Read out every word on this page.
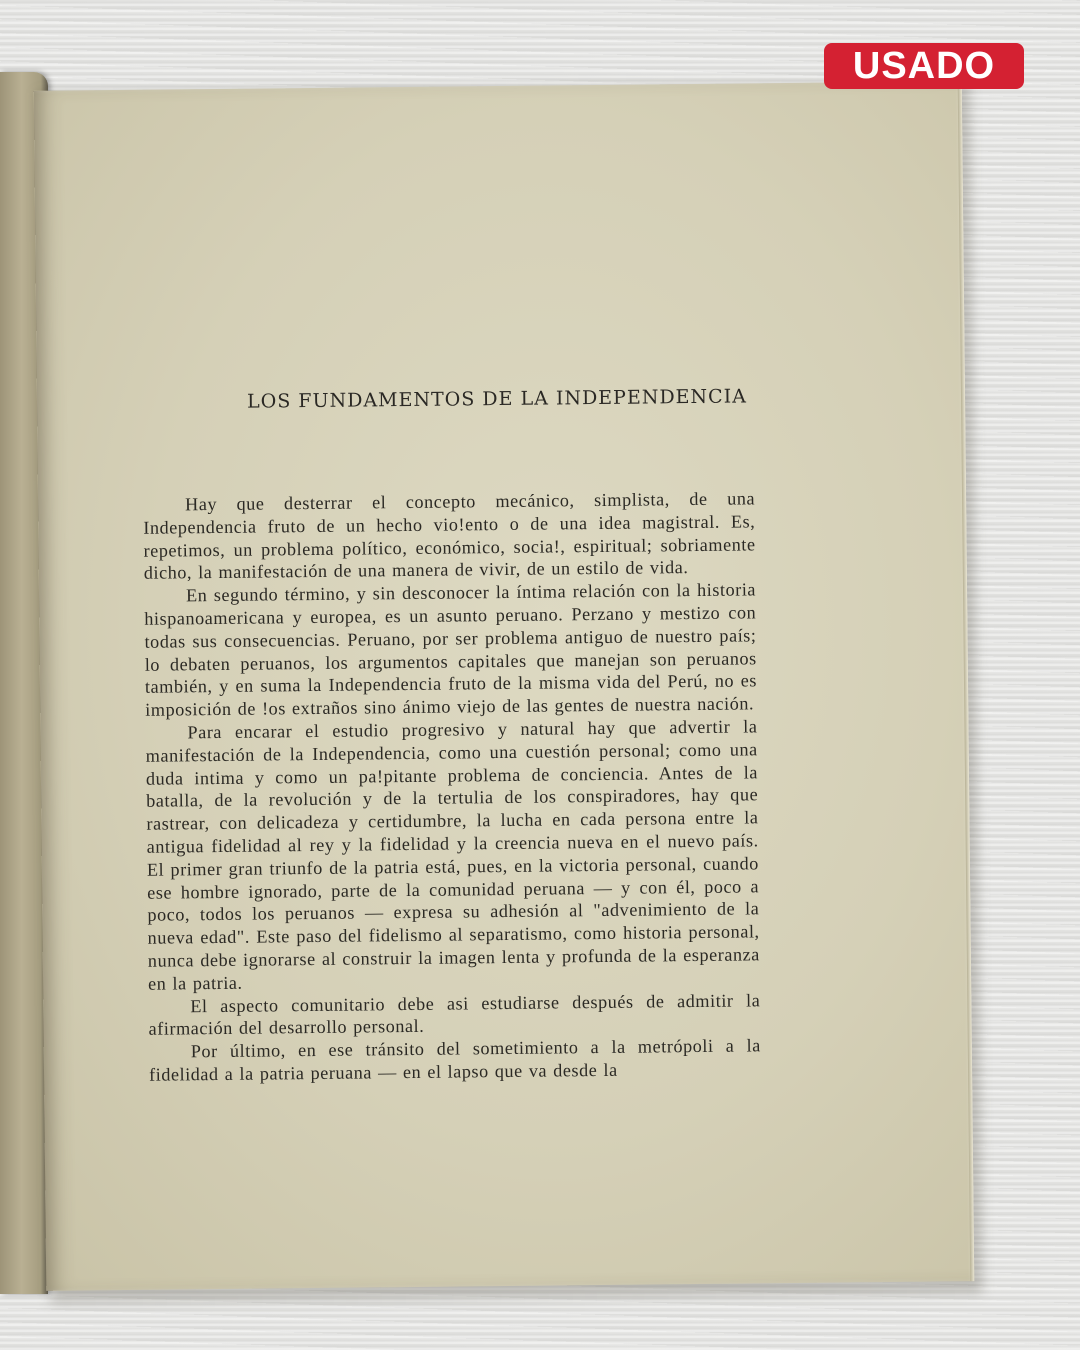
LOS FUNDAMENTOS DE LA INDEPENDENCIA

Hay que desterrar el concepto mecánico, simplista, de una Independencia fruto de un hecho vio!ento o de una idea magistral. Es, repetimos, un problema político, económico, socia!, espiritual; sobriamente dicho, la manifestación de una manera de vivir, de un estilo de vida.

En segundo término, y sin desconocer la íntima relación con la historia hispanoamericana y europea, es un asunto peruano. Perzano y mestizo con todas sus consecuencias. Peruano, por ser problema antiguo de nuestro país; lo debaten peruanos, los argumentos capitales que manejan son peruanos también, y en suma la Independencia fruto de la misma vida del Perú, no es imposición de !os extraños sino ánimo viejo de las gentes de nuestra nación.

Para encarar el estudio progresivo y natural hay que advertir la manifestación de la Independencia, como una cuestión personal; como una duda intima y como un pa!pitante problema de conciencia. Antes de la batalla, de la revolución y de la tertulia de los conspiradores, hay que rastrear, con delicadeza y certidumbre, la lucha en cada persona entre la antigua fidelidad al rey y la fidelidad y la creencia nueva en el nuevo país. El primer gran triunfo de la patria está, pues, en la victoria personal, cuando ese hombre ignorado, parte de la comunidad peruana — y con él, poco a poco, todos los peruanos — expresa su adhesión al "advenimiento de la nueva edad". Este paso del fidelismo al separatismo, como historia personal, nunca debe ignorarse al construir la imagen lenta y profunda de la esperanza en la patria.

El aspecto comunitario debe asi estudiarse después de admitir la afirmación del desarrollo personal.

Por último, en ese tránsito del sometimiento a la metrópoli a la fidelidad a la patria peruana — en el lapso que va desde la

USADO
